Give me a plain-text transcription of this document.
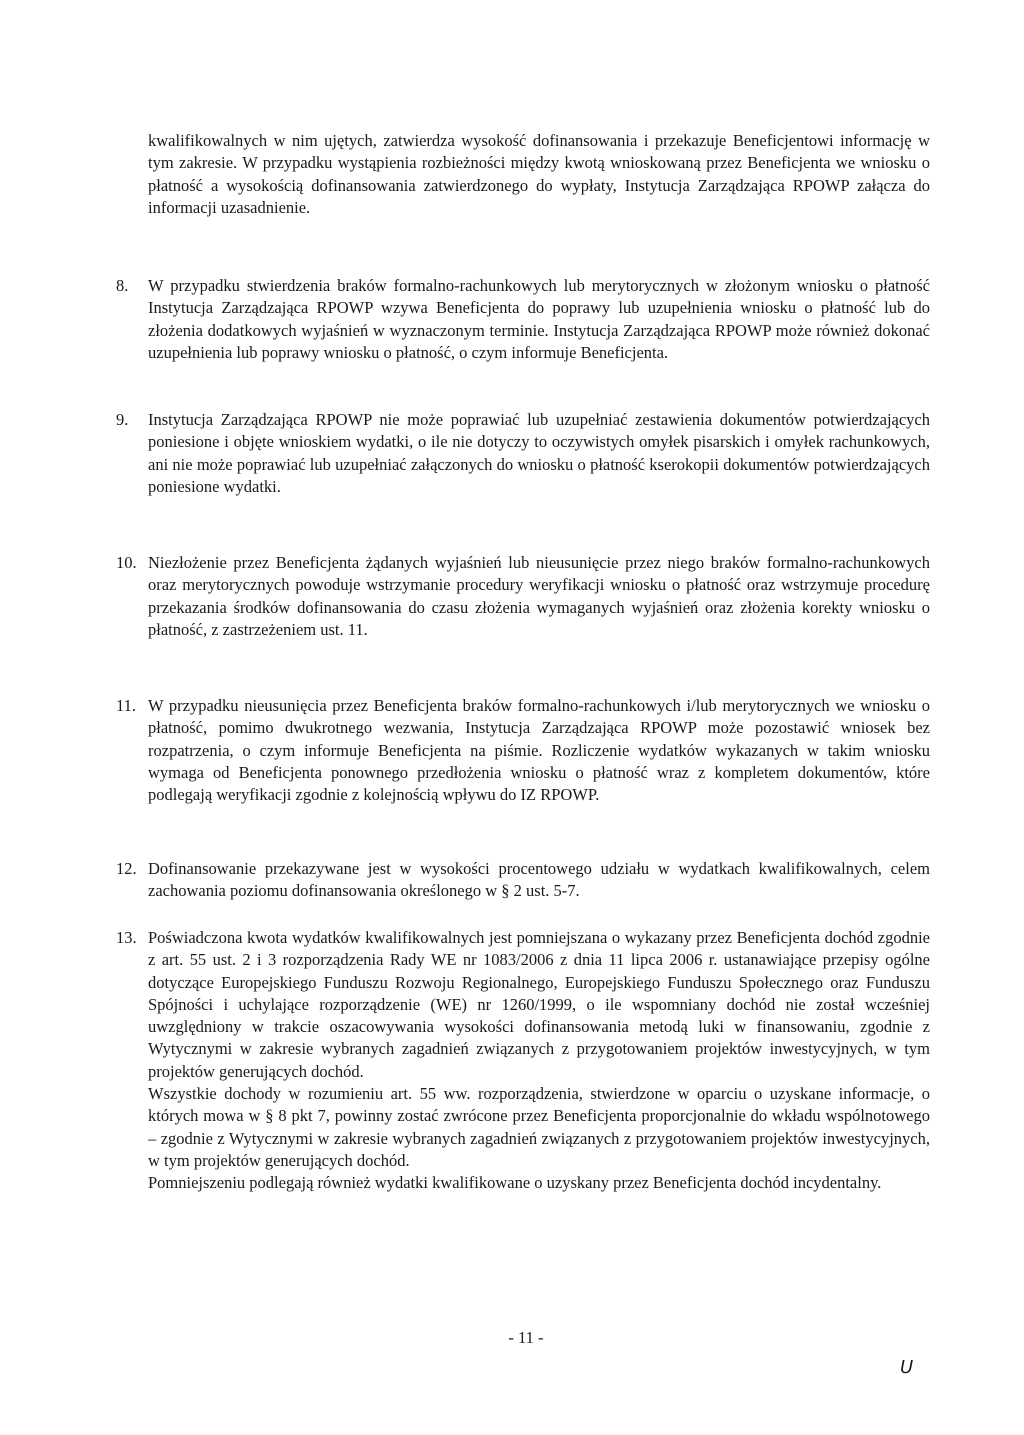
kwalifikowalnych w nim ujętych, zatwierdza wysokość dofinansowania i przekazuje Beneficjentowi informację w tym zakresie. W przypadku wystąpienia rozbieżności między kwotą wnioskowaną przez Beneficjenta we wniosku o płatność a wysokością dofinansowania zatwierdzonego do wypłaty, Instytucja Zarządzająca RPOWP załącza do informacji uzasadnienie.

8. W przypadku stwierdzenia braków formalno-rachunkowych lub merytorycznych w złożonym wniosku o płatność Instytucja Zarządzająca RPOWP wzywa Beneficjenta do poprawy lub uzupełnienia wniosku o płatność lub do złożenia dodatkowych wyjaśnień w wyznaczonym terminie. Instytucja Zarządzająca RPOWP może również dokonać uzupełnienia lub poprawy wniosku o płatność, o czym informuje Beneficjenta.

9. Instytucja Zarządzająca RPOWP nie może poprawiać lub uzupełniać zestawienia dokumentów potwierdzających poniesione i objęte wnioskiem wydatki, o ile nie dotyczy to oczywistych omyłek pisarskich i omyłek rachunkowych, ani nie może poprawiać lub uzupełniać załączonych do wniosku o płatność kserokopii dokumentów potwierdzających poniesione wydatki.

10. Niezłożenie przez Beneficjenta żądanych wyjaśnień lub nieusunięcie przez niego braków formalno-rachunkowych oraz merytorycznych powoduje wstrzymanie procedury weryfikacji wniosku o płatność oraz wstrzymuje procedurę przekazania środków dofinansowania do czasu złożenia wymaganych wyjaśnień oraz złożenia korekty wniosku o płatność, z zastrzeżeniem ust. 11.

11. W przypadku nieusunięcia przez Beneficjenta braków formalno-rachunkowych i/lub merytorycznych we wniosku o płatność, pomimo dwukrotnego wezwania, Instytucja Zarządzająca RPOWP może pozostawić wniosek bez rozpatrzenia, o czym informuje Beneficjenta na piśmie. Rozliczenie wydatków wykazanych w takim wniosku wymaga od Beneficjenta ponownego przedłożenia wniosku o płatność wraz z kompletem dokumentów, które podlegają weryfikacji zgodnie z kolejnością wpływu do IZ RPOWP.

12. Dofinansowanie przekazywane jest w wysokości procentowego udziału w wydatkach kwalifikowalnych, celem zachowania poziomu dofinansowania określonego w § 2 ust. 5-7.

13. Poświadczona kwota wydatków kwalifikowalnych jest pomniejszana o wykazany przez Beneficjenta dochód zgodnie z art. 55 ust. 2 i 3 rozporządzenia Rady WE nr 1083/2006 z dnia 11 lipca 2006 r. ustanawiające przepisy ogólne dotyczące Europejskiego Funduszu Rozwoju Regionalnego, Europejskiego Funduszu Społecznego oraz Funduszu Spójności i uchylające rozporządzenie (WE) nr 1260/1999, o ile wspomniany dochód nie został wcześniej uwzględniony w trakcie oszacowywania wysokości dofinansowania metodą luki w finansowaniu, zgodnie z Wytycznymi w zakresie wybranych zagadnień związanych z przygotowaniem projektów inwestycyjnych, w tym projektów generujących dochód.

Wszystkie dochody w rozumieniu art. 55 ww. rozporządzenia, stwierdzone w oparciu o uzyskane informacje, o których mowa w § 8 pkt 7, powinny zostać zwrócone przez Beneficjenta proporcjonalnie do wkładu wspólnotowego – zgodnie z Wytycznymi w zakresie wybranych zagadnień związanych z przygotowaniem projektów inwestycyjnych, w tym projektów generujących dochód.

Pomniejszeniu podlegają również wydatki kwalifikowane o uzyskany przez Beneficjenta dochód incydentalny.

- 11 -
U
